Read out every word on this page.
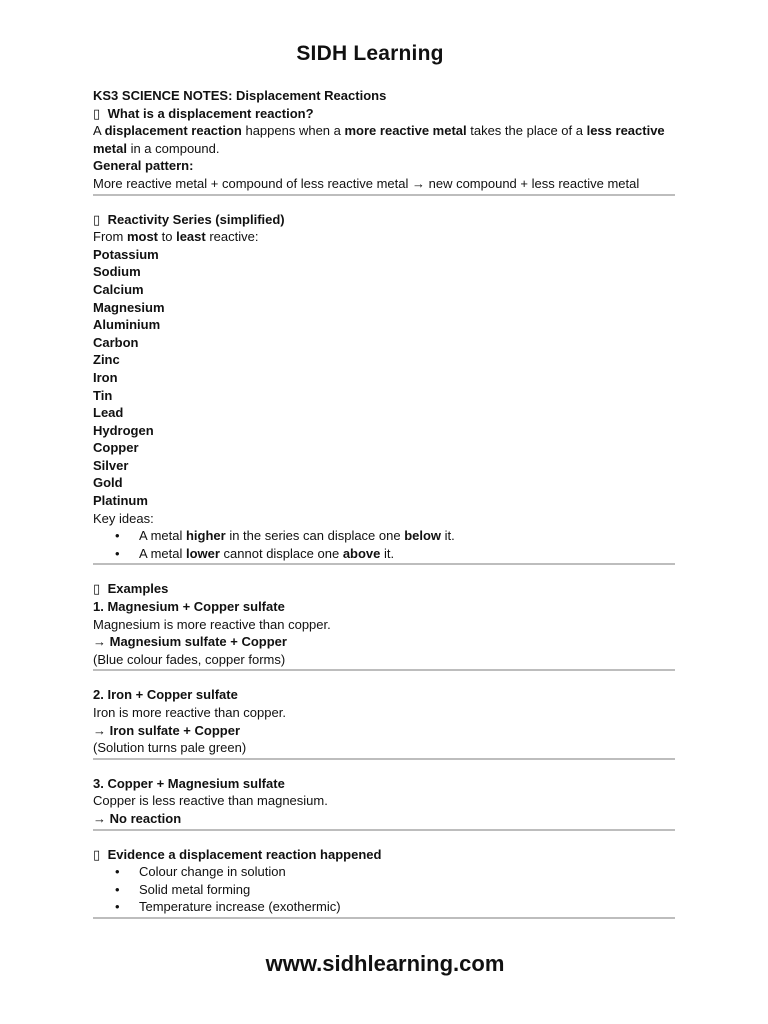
SIDH Learning

KS3 SCIENCE NOTES: Displacement Reactions

▯ What is a displacement reaction?

A displacement reaction happens when a more reactive metal takes the place of a less reactive

metal in a compound.

General pattern:

More reactive metal + compound of less reactive metal → new compound + less reactive metal

▯ Reactivity Series (simplified)

From most to least reactive:

Potassium

Sodium

Calcium

Magnesium

Aluminium

Carbon

Zinc

Iron

Tin

Lead

Hydrogen

Copper

Silver

Gold

Platinum

Key ideas:

• A metal higher in the series can displace one below it.
• A metal lower cannot displace one above it.

▯ Examples

1. Magnesium + Copper sulfate

Magnesium is more reactive than copper.

→ Magnesium sulfate + Copper

(Blue colour fades, copper forms)

2. Iron + Copper sulfate

Iron is more reactive than copper.

→ Iron sulfate + Copper

(Solution turns pale green)

3. Copper + Magnesium sulfate

Copper is less reactive than magnesium.

→ No reaction

▯ Evidence a displacement reaction happened

• Colour change in solution
• Solid metal forming
• Temperature increase (exothermic)
www.sidhlearning.com
